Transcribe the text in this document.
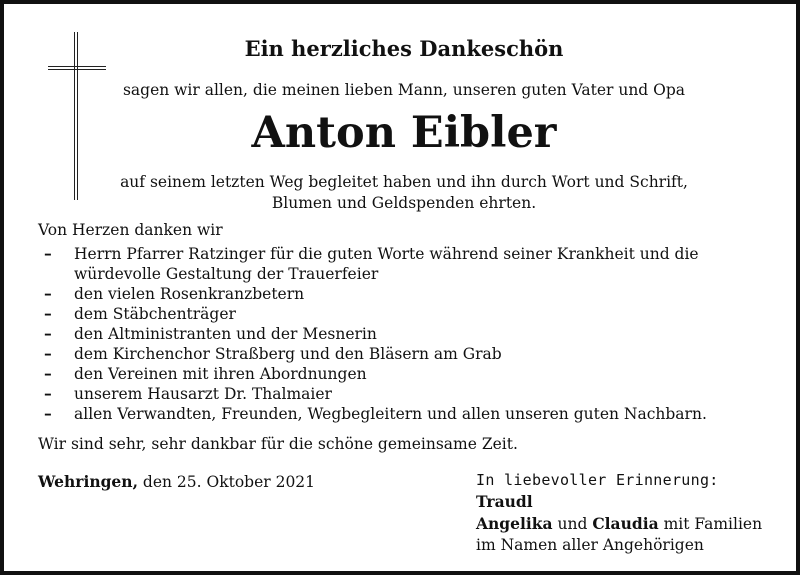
Ein herzliches Dankeschön
sagen wir allen, die meinen lieben Mann, unseren guten Vater und Opa
Anton Eibler
auf seinem letzten Weg begleitet haben und ihn durch Wort und Schrift,
Blumen und Geldspenden ehrten.
Von Herzen danken wir
–	Herrn Pfarrer Ratzinger für die guten Worte während seiner Krankheit und die
würdevolle Gestaltung der Trauerfeier
–	den vielen Rosenkranzbetern
–	dem Stäbchenträger
–	den Altministranten und der Mesnerin
–	dem Kirchenchor Straßberg und den Bläsern am Grab
–	den Vereinen mit ihren Abordnungen
–	unserem Hausarzt Dr. Thalmaier
–	allen Verwandten, Freunden, Wegbegleitern und allen unseren guten Nachbarn.
Wir sind sehr, sehr dankbar für die schöne gemeinsame Zeit.
Wehringen, den 25. Oktober 2021	In liebevoller Erinnerung:
Traudl
Angelika und Claudia mit Familien
im Namen aller Angehörigen
